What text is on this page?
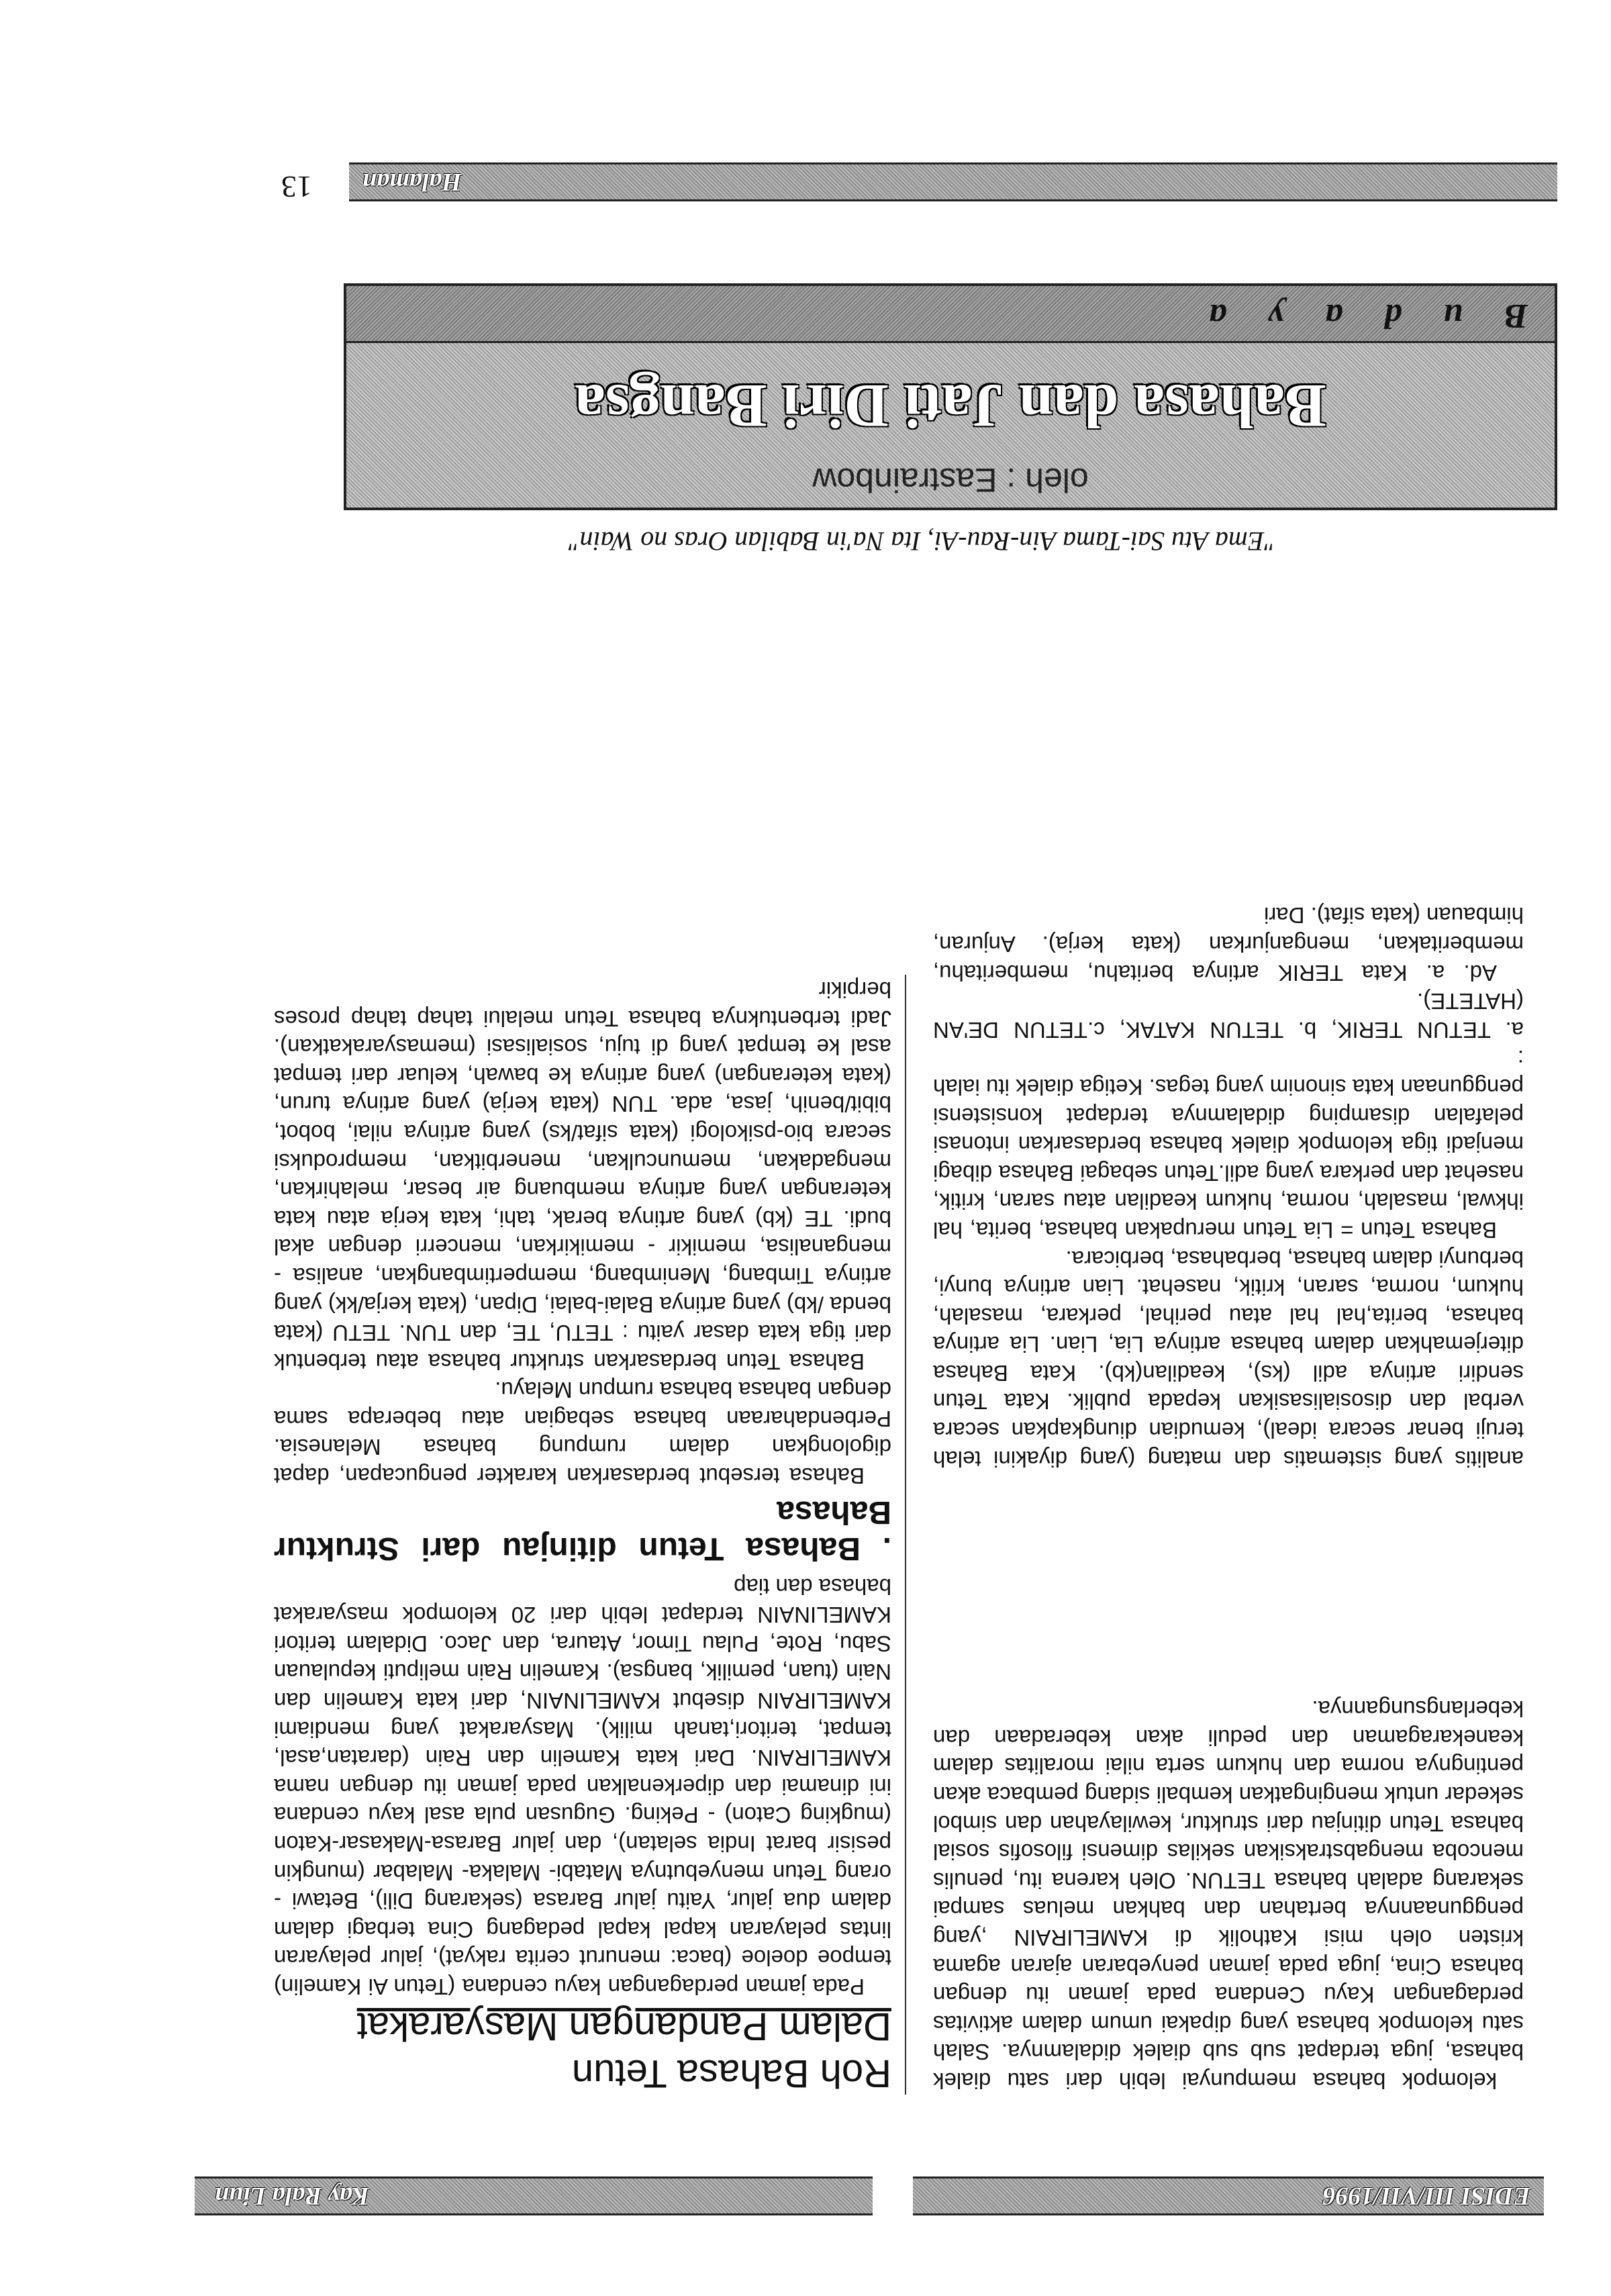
EDISI III/VII/1996
Kay Rala Liun

kelompok bahasa mempunyai lebih dari satu dialek bahasa, juga terdapat sub sub dialek didalamnya. Salah satu kelompok bahasa yang dipakai umum dalam aktivitas perdagangan Kayu Cendana pada jaman itu dengan bahasa Cina, juga pada jaman penyebaran ajaran agama kristen oleh misi Katholik di KAMELIRAIN ,yang penggunaannya bertahan dan bahkan meluas sampai sekarang adalah bahasa TETUN. Oleh karena itu, penulis mencoba mengabstraksikan sekilas dimensi filosofis sosial bahasa Tetun ditinjau dari struktur, kewilayahan dan simbol sekedar untuk mengingatkan kembali sidang pembaca akan pentingnya norma dan hukum serta nilai moralitas dalam keanekaragaman dan peduli akan keberadaan dan keberlangsungannya.

analitis yang sistematis dan matang (yang diyakini telah teruji benar secara ideal), kemudian diungkapkan secara verbal dan disosialisasikan kepada publik. Kata Tetun sendiri artinya adil (ks), keadilan(kb). Kata Bahasa diterjemahkan dalam bahasa artinya Lia, Lian. Lia artinya bahasa, berita,hal hal atau perihal, perkara, masalah, hukum, norma, saran, kritik, nasehat. Lian artinya bunyi, berbunyi dalam bahasa, berbahasa, berbicara.

Bahasa Tetun = Lia Tetun merupakan bahasa, berita, hal ihkwal, masalah, norma, hukum keadilan atau saran, kritik, nasehat dan perkara yang adil.Tetun sebagai Bahasa dibagi menjadi tiga kelompok dialek bahasa berdasarkan intonasi pelafalan disamping didalamnya terdapat konsistensi penggunaan kata sinonim yang tegas. Ketiga dialek itu ialah :

a. TETUN TERIK, b. TETUN KATAK, c.TETUN DE'AN (HATETE).

Ad. a. Kata TERIK artinya beritahu, memberitahu, memberitakan, menganjurkan (kata kerja). Anjuran, himbauan (kata sifat). Dari

Roh Bahasa Tetun
Dalam Pandangan Masyarakat

Pada jaman perdagangan kayu cendana (Tetun Ai Kamelin) tempoe doeloe (baca: menurut cerita rakyat), jalur pelayaran lintas pelayaran kapal kapal pedagang Cina terbagi dalam dalam dua jalur, Yaitu jalur Barasa (sekarang Dili), Betawi - orang Tetun menyebutnya Matabi- Malaka- Malabar (mungkin pesisir barat India selatan), dan jalur Barasa-Makasar-Katon (mugking Caton) - Peking. Gugusan pula asal kayu cendana ini dinamai dan diperkenalkan pada jaman itu dengan nama KAMELIRAIN. Dari kata Kamelin dan Rain (daratan,asal, tempat, teritori,tanah milik). Masyarakat yang mendiami KAMELIRAIN disebut KAMELINAIN, dari kata Kamelin dan Nain (tuan, pemilik, bangsa). Kamelin Rain meliputi kepulauan Sabu, Rote, Pulau Timor, Ataura, dan Jaco. Didalam teritori KAMELINAIN terdapat lebih dari 20 kelompok masyarakat bahasa dan tiap

. Bahasa Tetun ditinjau dari Struktur Bahasa

Bahasa tersebut berdasarkan karakter pengucapan, dapat digolongkan dalam rumpung bahasa Melanesia. Perbendaharaan bahasa sebagian atau beberapa sama dengan bahasa bahasa rumpun Melayu.

Bahasa Tetun berdasarkan struktur bahasa atau terbentuk dari tiga kata dasar yaitu : TETU, TE, dan TUN. TETU (kata benda /kb) yang artinya Balai-balai, Dipan, (kata kerja/kk) yang artinya Timbang, Menimbang, mempertimbangkan, analisa - menganalisa, memikir - memikirkan, mencerri dengan akal budi. TE (kb) yang artinya berak, tahi, kata kerja atau kata keterangan yang artinya membuang air besar, melahirkan, mengadakan, memunculkan, menerbitkan, memproduksi secara bio-psikologi (kata sifat/ks) yang artinya nilai, bobot, bibit/benih, jasa, ada. TUN (kata kerja) yang artinya turun, (kata keterangan) yang artinya ke bawah, keluar dari tempat asal ke tempat yang di tuju, sosialisasi (memasyarakatkan). Jadi terbentuknya bahasa Tetun melalui tahap tahap proses berpikir

"Ema Atu Sai-Tama Ain-Rau-Ai, Ita Na'in Babilan Oras no Wain"
oleh : Eastrainbow
Bahasa dan Jati Diri Bangsa
Budaya
Halaman
13
